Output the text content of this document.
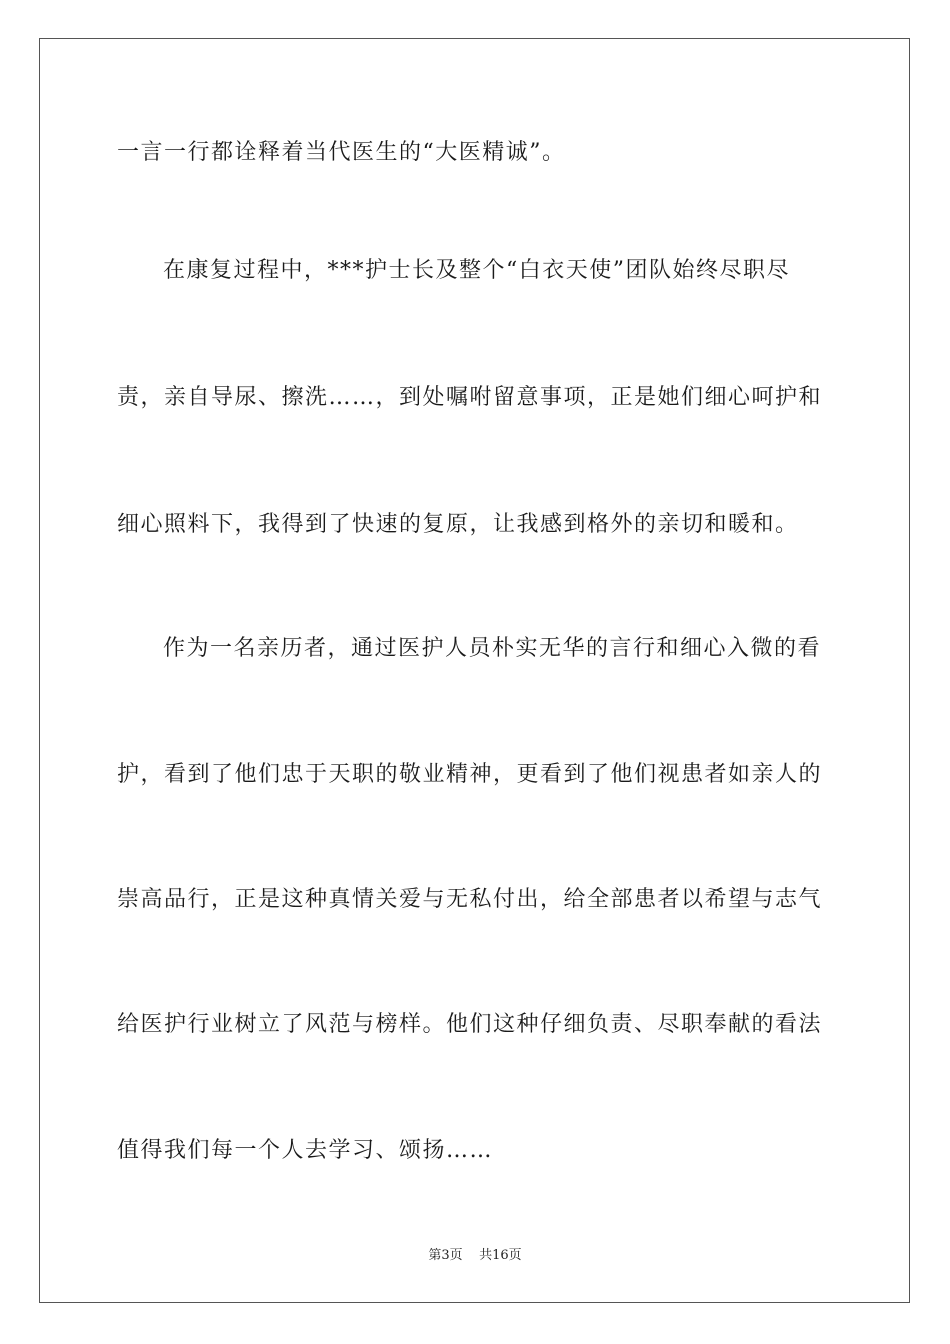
一言一行都诠释着当代医生的“大医精诚”。
在康复过程中，***护士长及整个“白衣天使”团队始终尽职尽
责，亲自导尿、擦洗……，到处嘱咐留意事项，正是她们细心呵护和
细心照料下，我得到了快速的复原，让我感到格外的亲切和暖和。
作为一名亲历者，通过医护人员朴实无华的言行和细心入微的看
护，看到了他们忠于天职的敬业精神，更看到了他们视患者如亲人的
崇高品行，正是这种真情关爱与无私付出，给全部患者以希望与志气
给医护行业树立了风范与榜样。他们这种仔细负责、尽职奉献的看法
值得我们每一个人去学习、颂扬……
第3页 共16页
